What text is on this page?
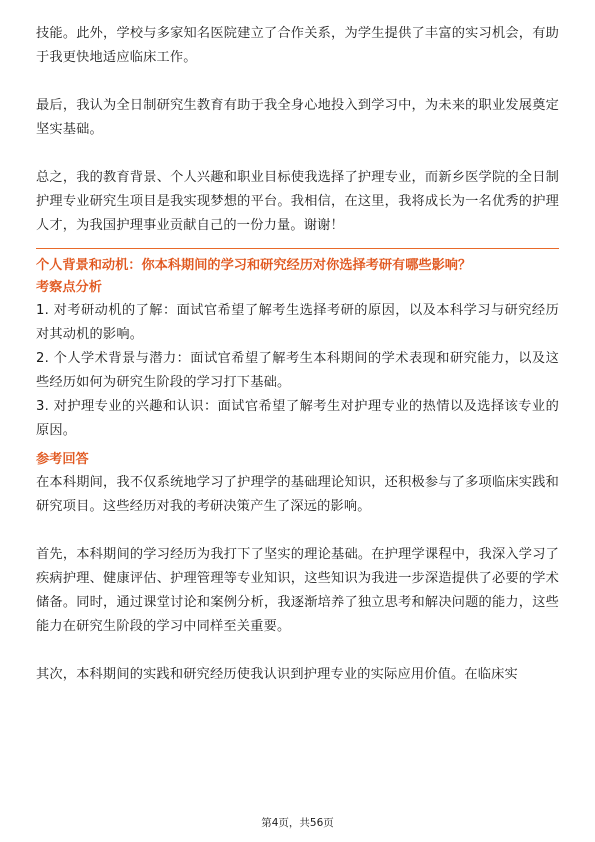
技能。此外，学校与多家知名医院建立了合作关系，为学生提供了丰富的实习机会，有助于我更快地适应临床工作。

最后，我认为全日制研究生教育有助于我全身心地投入到学习中，为未来的职业发展奠定坚实基础。

总之，我的教育背景、个人兴趣和职业目标使我选择了护理专业，而新乡医学院的全日制护理专业研究生项目是我实现梦想的平台。我相信，在这里，我将成长为一名优秀的护理人才，为我国护理事业贡献自己的一份力量。谢谢！

个人背景和动机：你本科期间的学习和研究经历对你选择考研有哪些影响？
考察点分析

1. 对考研动机的了解：面试官希望了解考生选择考研的原因，以及本科学习与研究经历对其动机的影响。

2. 个人学术背景与潜力：面试官希望了解考生本科期间的学术表现和研究能力，以及这些经历如何为研究生阶段的学习打下基础。

3. 对护理专业的兴趣和认识：面试官希望了解考生对护理专业的热情以及选择该专业的原因。

参考回答

在本科期间，我不仅系统地学习了护理学的基础理论知识，还积极参与了多项临床实践和研究项目。这些经历对我的考研决策产生了深远的影响。

首先，本科期间的学习经历为我打下了坚实的理论基础。在护理学课程中，我深入学习了疾病护理、健康评估、护理管理等专业知识，这些知识为我进一步深造提供了必要的学术储备。同时，通过课堂讨论和案例分析，我逐渐培养了独立思考和解决问题的能力，这些能力在研究生阶段的学习中同样至关重要。

其次，本科期间的实践和研究经历使我认识到护理专业的实际应用价值。在临床实

第4页，共56页
